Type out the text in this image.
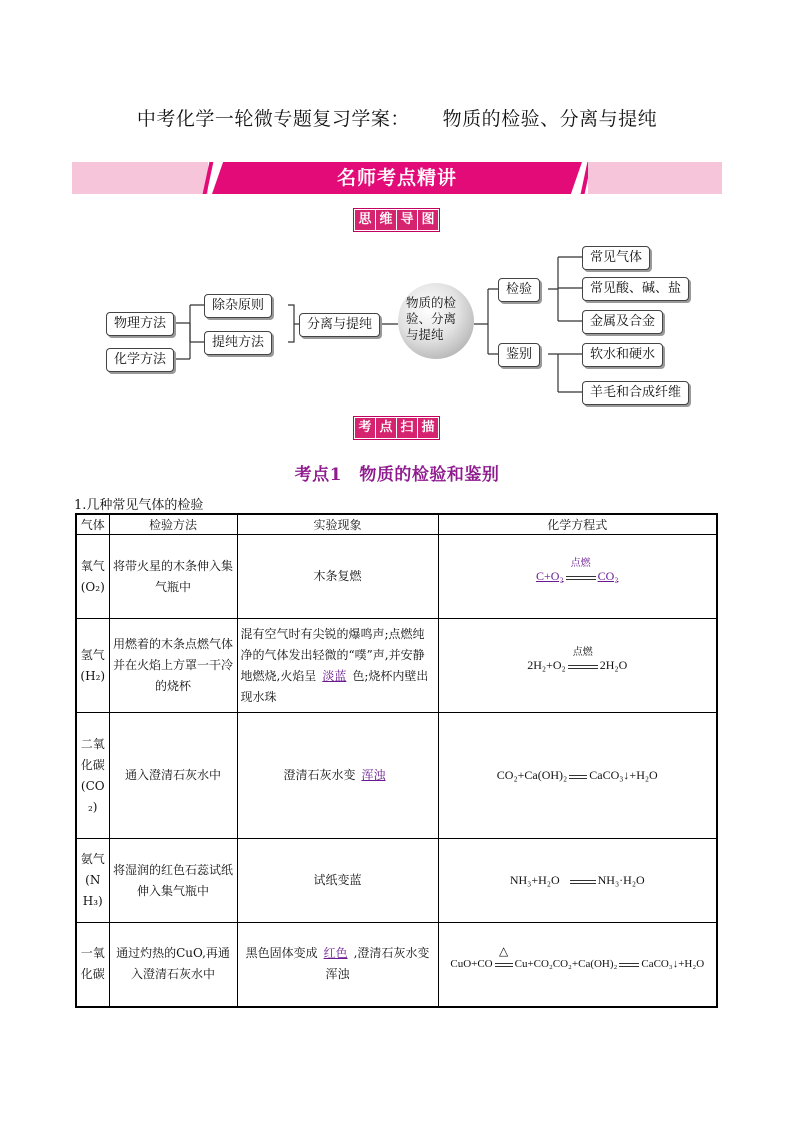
中考化学一轮微专题复习学案：     物质的检验、分离与提纯
名师考点精讲
思 维 导 图
物理方法
化学方法
除杂原则
提纯方法
分离与提纯
物质的检验、分离与提纯
检验
鉴别
常见气体
常见酸、碱、盐
金属及合金
软水和硬水
羊毛和合成纤维
考 点 扫 描
考点1　物质的检验和鉴别
1.几种常见气体的检验
气体	检验方法	实验现象	化学方程式
氧气(O₂)	将带火星的木条伸入集气瓶中	木条复燃	C+O₂
点燃
CO₂
氢气(H₂)	用燃着的木条点燃气体并在火焰上方罩一干冷的烧杯	混有空气时有尖锐的爆鸣声;点燃纯净的气体发出轻微的“噗”声,并安静地燃烧,火焰呈 淡蓝 色;烧杯内壁出现水珠	2H₂+O₂
点燃
2H₂O
二氧化碳(CO₂)	通入澄清石灰水中	澄清石灰水变 浑浊	CO₂+Ca(OH)₂ CaCO₃↓+H₂O
氨气(NH₃)	将湿润的红色石蕊试纸伸入集气瓶中	试纸变蓝	NH₃+H₂O NH₃·H₂O
一氧化碳	通过灼热的CuO,再通入澄清石灰水中	黑色固体变成 红色 ,澄清石灰水变浑浊	CuO+CO
△
Cu+CO₂CO₂+Ca(OH)₂ CaCO₃↓+H₂O
